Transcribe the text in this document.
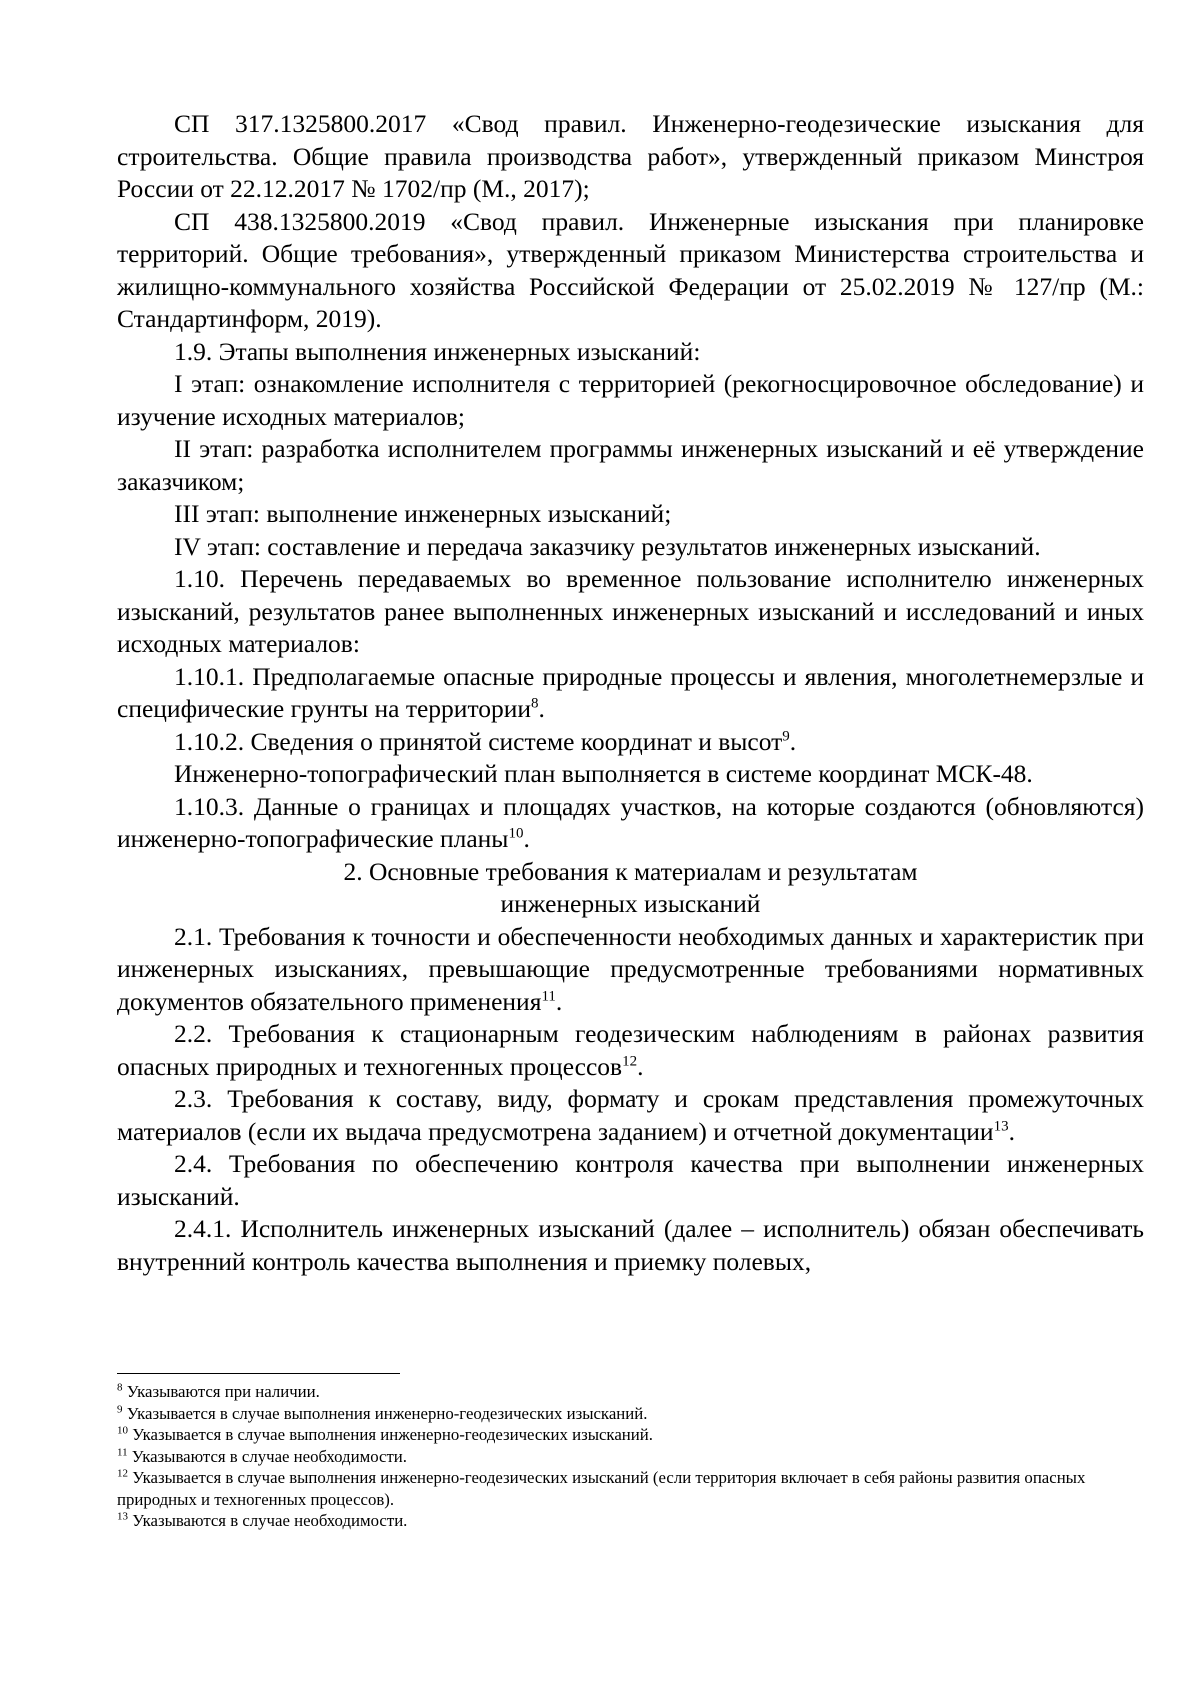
СП 317.1325800.2017 «Свод правил. Инженерно-геодезические изыскания для строительства. Общие правила производства работ», утвержденный приказом Минстроя России от 22.12.2017 № 1702/пр (М., 2017);

СП 438.1325800.2019 «Свод правил. Инженерные изыскания при планировке территорий. Общие требования», утвержденный приказом Министерства строительства и жилищно-коммунального хозяйства Российской Федерации от 25.02.2019 № 127/пр (М.: Стандартинформ, 2019).

1.9. Этапы выполнения инженерных изысканий:

I этап: ознакомление исполнителя с территорией (рекогносцировочное обследование) и изучение исходных материалов;

II этап: разработка исполнителем программы инженерных изысканий и её утверждение заказчиком;

III этап: выполнение инженерных изысканий;

IV этап: составление и передача заказчику результатов инженерных изысканий.

1.10. Перечень передаваемых во временное пользование исполнителю инженерных изысканий, результатов ранее выполненных инженерных изысканий и исследований и иных исходных материалов:

1.10.1. Предполагаемые опасные природные процессы и явления, многолетнемерзлые и специфические грунты на территории$^8$.

1.10.2. Сведения о принятой системе координат и высот$^9$.

Инженерно-топографический план выполняется в системе координат МСК-48.

1.10.3. Данные о границах и площадях участков, на которые создаются (обновляются) инженерно-топографические планы$^{10}$.

2. Основные требования к материалам и результатам

инженерных изысканий

2.1. Требования к точности и обеспеченности необходимых данных и характеристик при инженерных изысканиях, превышающие предусмотренные требованиями нормативных документов обязательного применения$^{11}$.

2.2. Требования к стационарным геодезическим наблюдениям в районах развития опасных природных и техногенных процессов$^{12}$.

2.3. Требования к составу, виду, формату и срокам представления промежуточных материалов (если их выдача предусмотрена заданием) и отчетной документации$^{13}$.

2.4. Требования по обеспечению контроля качества при выполнении инженерных изысканий.

2.4.1. Исполнитель инженерных изысканий (далее – исполнитель) обязан обеспечивать внутренний контроль качества выполнения и приемку полевых,

$^8$ Указываются при наличии.

$^9$ Указывается в случае выполнения инженерно-геодезических изысканий.

$^{10}$ Указывается в случае выполнения инженерно-геодезических изысканий.

$^{11}$ Указываются в случае необходимости.

$^{12}$ Указывается в случае выполнения инженерно-геодезических изысканий (если территория включает в себя районы развития опасных природных и техногенных процессов).

$^{13}$ Указываются в случае необходимости.
